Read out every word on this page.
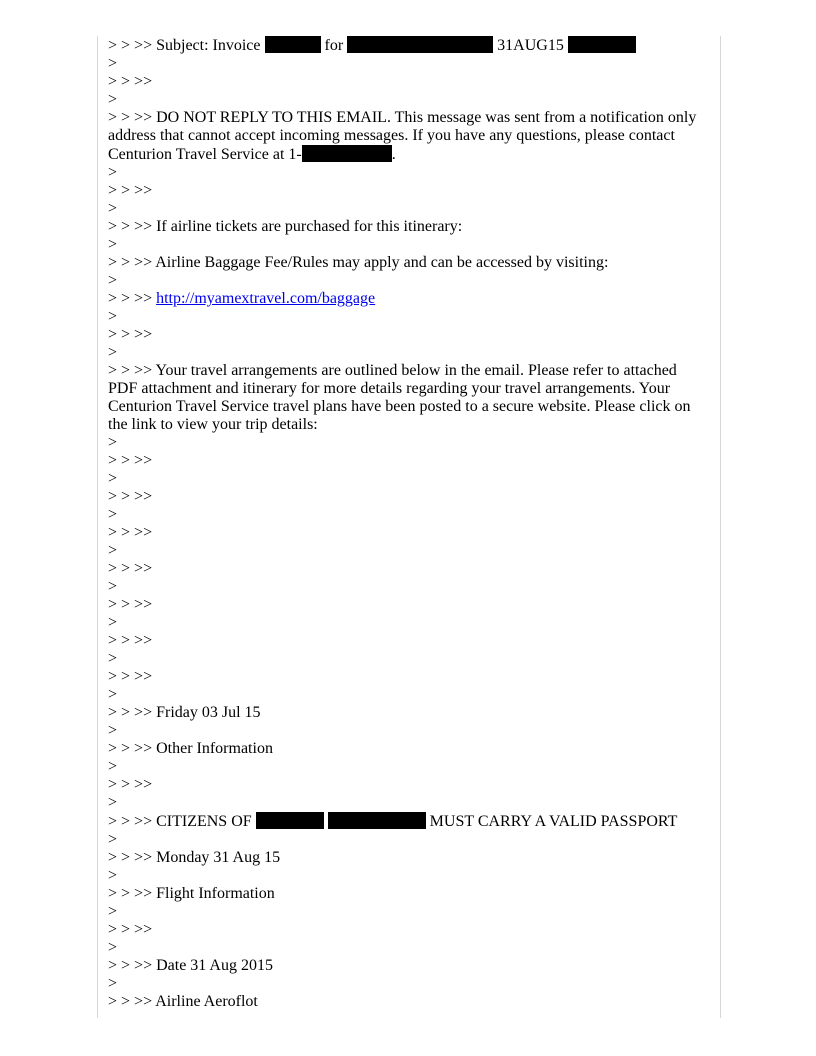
> > >> Subject: Invoice	for	31AUG15

>

> > >>

>

> > >> DO NOT REPLY TO THIS EMAIL. This message was sent from a notification only address that cannot accept incoming messages. If you have any questions, please contact Centurion Travel Service at 1-	.

>

> > >>

>

> > >> If airline tickets are purchased for this itinerary:

>

> > >> Airline Baggage Fee/Rules may apply and can be accessed by visiting:

>

> > >> http://myamextravel.com/baggage

>

> > >>

>

> > >> Your travel arrangements are outlined below in the email. Please refer to attached PDF attachment and itinerary for more details regarding your travel arrangements. Your Centurion Travel Service travel plans have been posted to a secure website. Please click on the link to view your trip details:

>

> > >>

>

> > >>

>

> > >>

>

> > >>

>

> > >>

>

> > >>

>

> > >>

>

> > >> Friday 03 Jul 15

>

> > >> Other Information

>

> > >>

>

> > >> CITIZENS OF	MUST CARRY A VALID PASSPORT

>

> > >> Monday 31 Aug 15

>

> > >> Flight Information

>

> > >>

>

> > >> Date 31 Aug 2015

>

> > >> Airline Aeroflot
